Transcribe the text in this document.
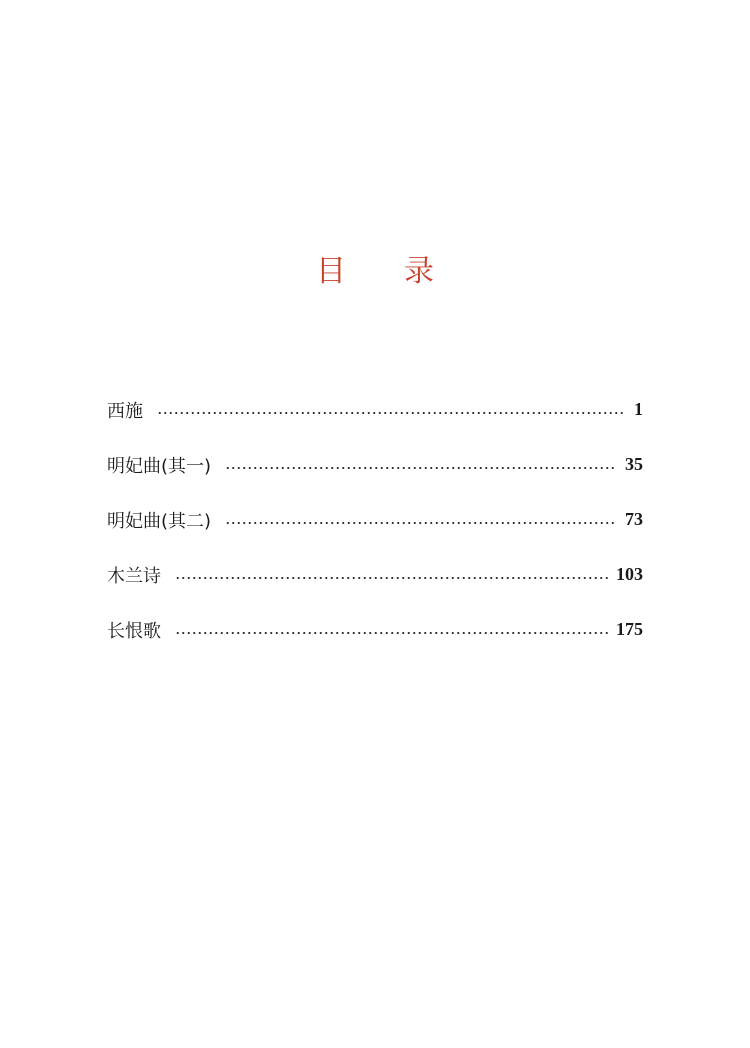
目 录
西施	1
明妃曲(其一)	35
明妃曲(其二)	73
木兰诗	103
长恨歌	175
